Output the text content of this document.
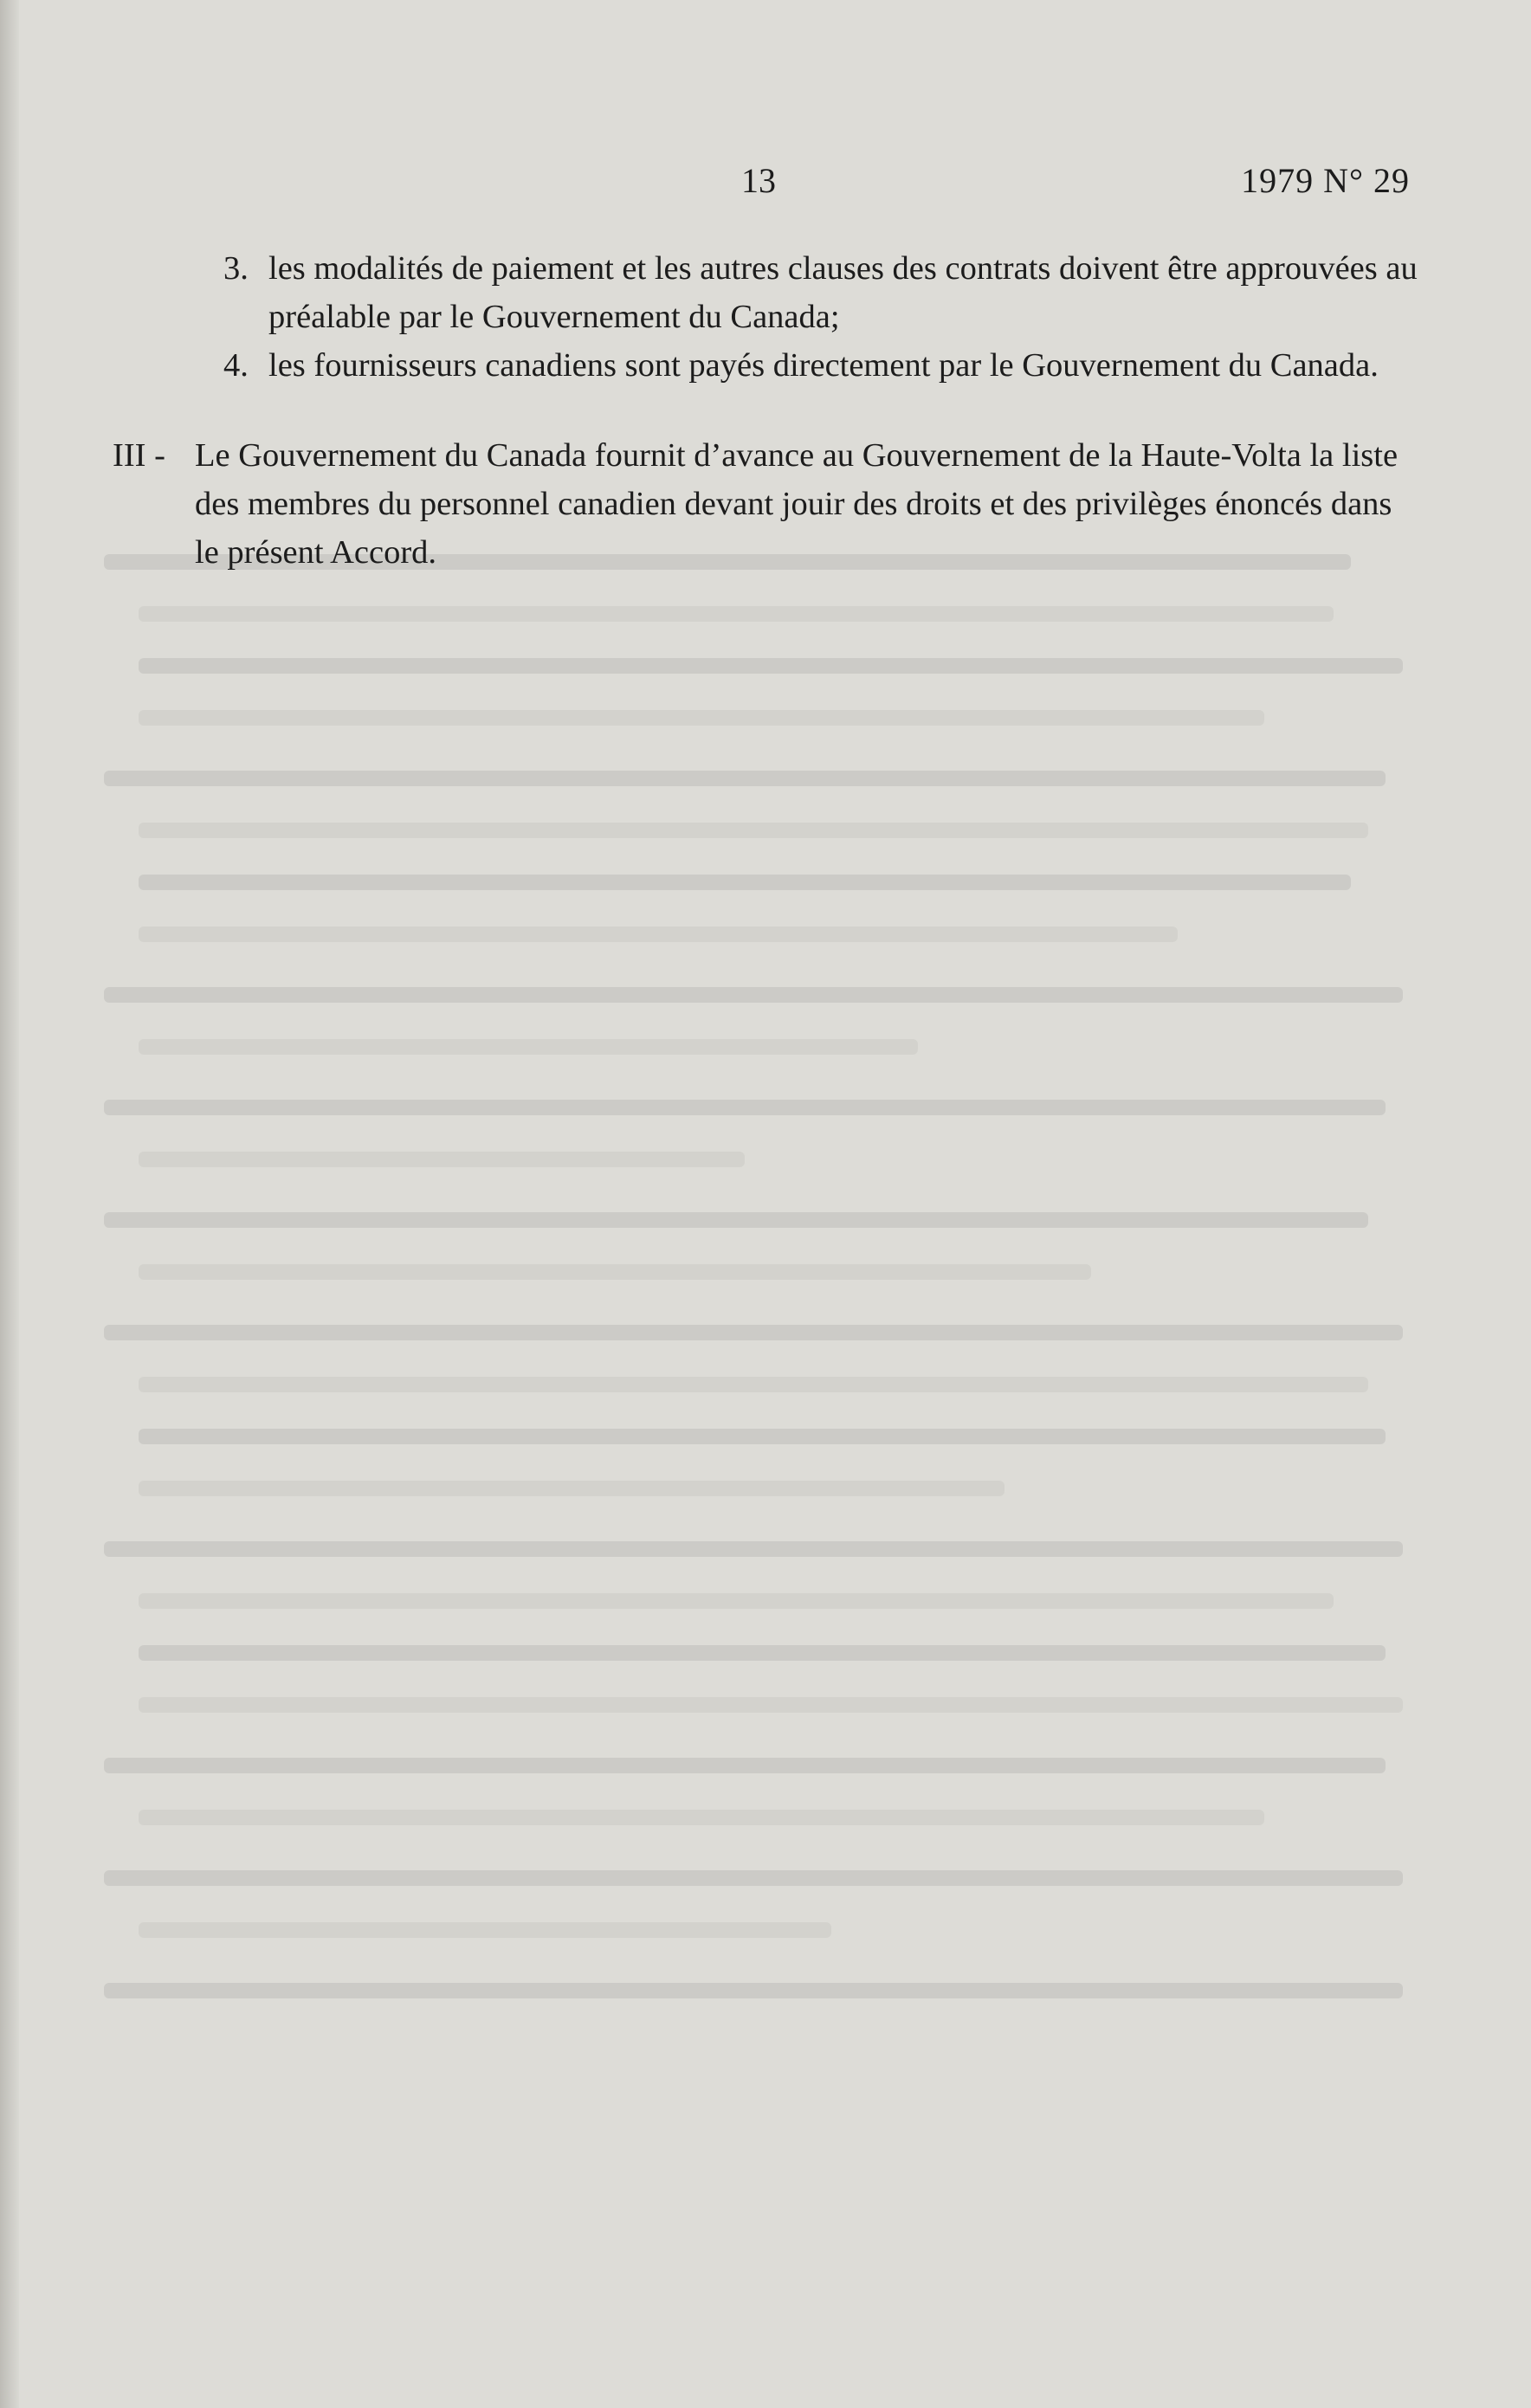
13	1979 N° 29
3. les modalités de paiement et les autres clauses des contrats doivent être approuvées au préalable par le Gouvernement du Canada;
4. les fournisseurs canadiens sont payés directement par le Gouvernement du Canada.
III - Le Gouvernement du Canada fournit d’avance au Gouvernement de la Haute-Volta la liste des membres du personnel canadien devant jouir des droits et des privilèges énoncés dans le présent Accord.
